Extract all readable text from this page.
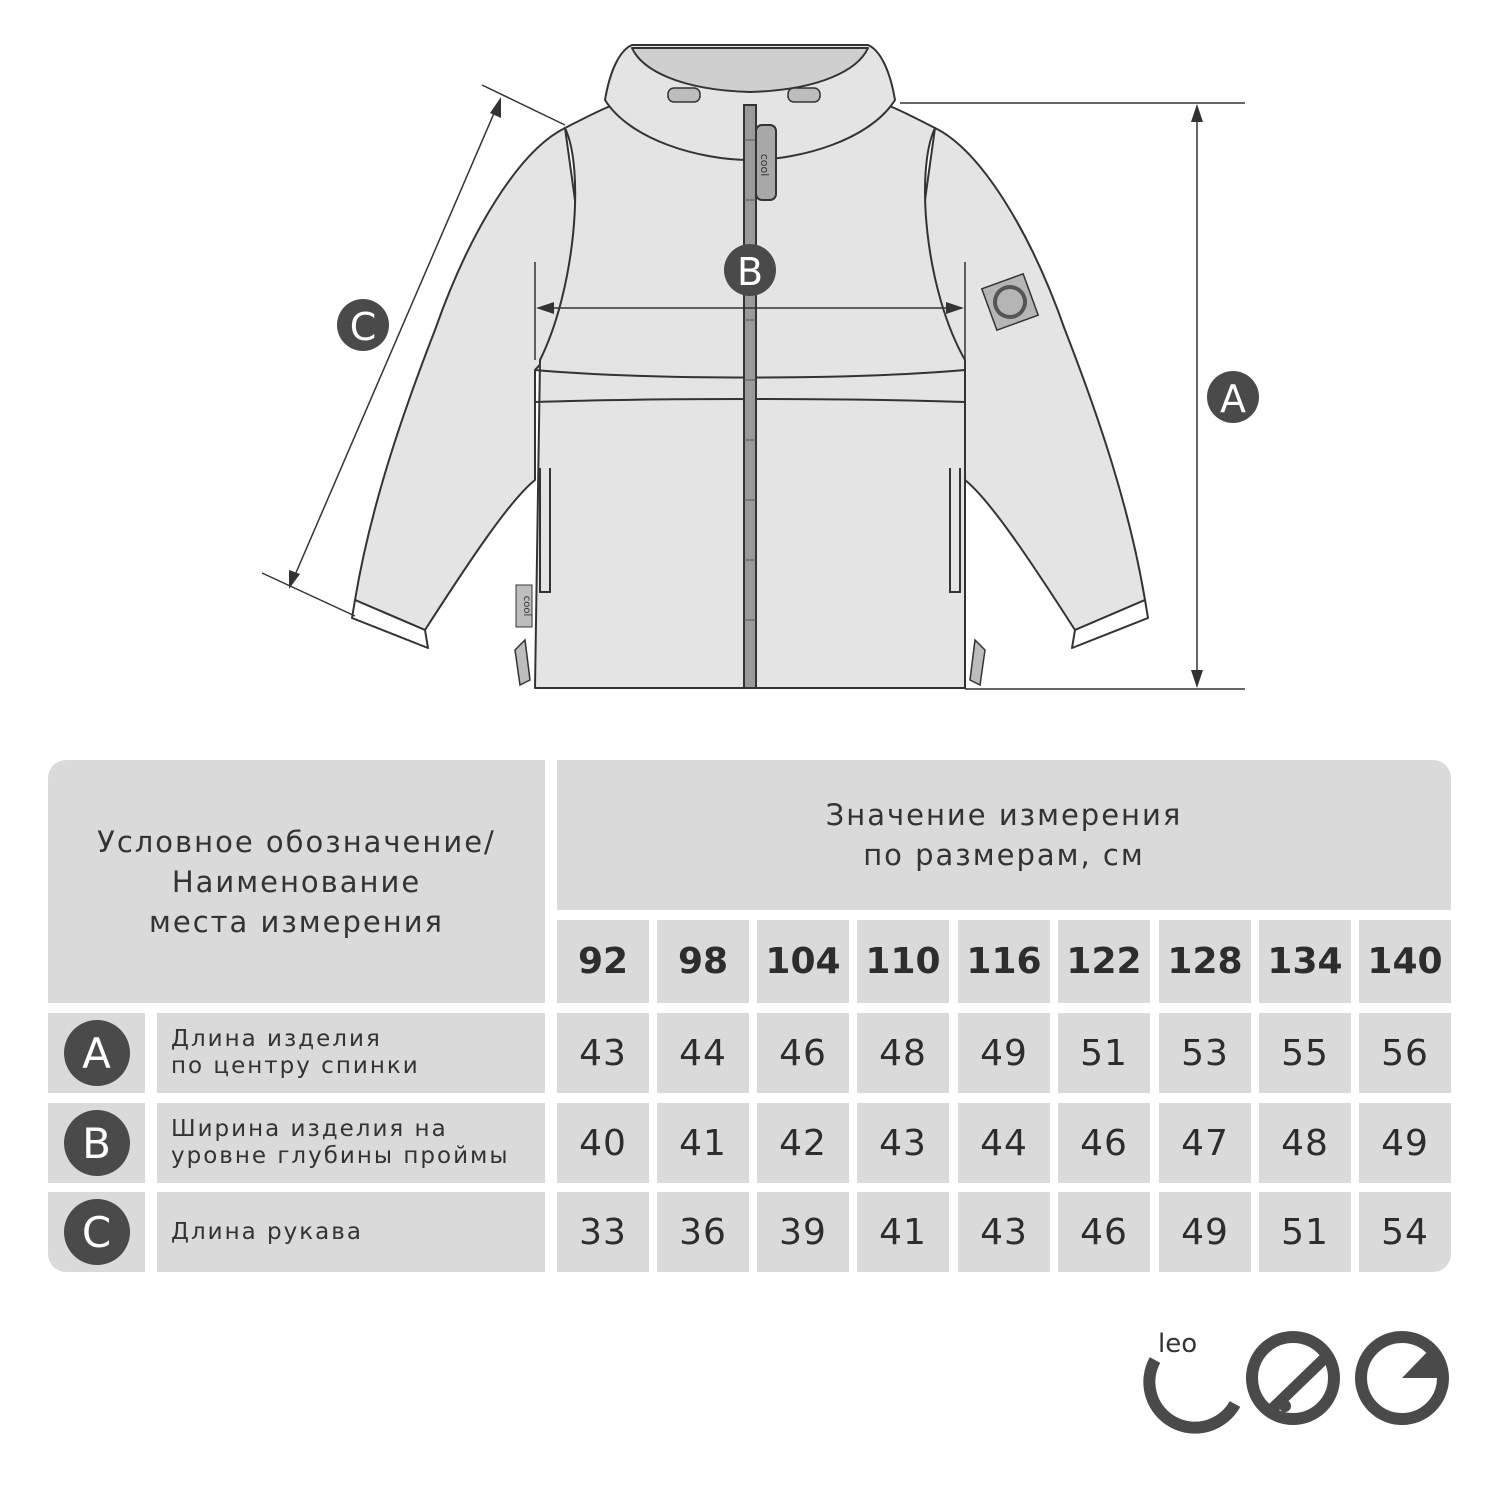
cool
cool
A
B
C
Условное обозначение/
Наименование
места измерения
Значение измерения
по размерам, см
92	98	104 110 116 122 128 134 140
A	Длина изделия
по центру спинки	43	44	46	48	49	51	53	55	56
B	Ширина изделия на
уровне глубины проймы	40	41	42	43	44	46	47	48	49
C	Длина рукава	33	36	39	41	43	46	49	51	54
leo
